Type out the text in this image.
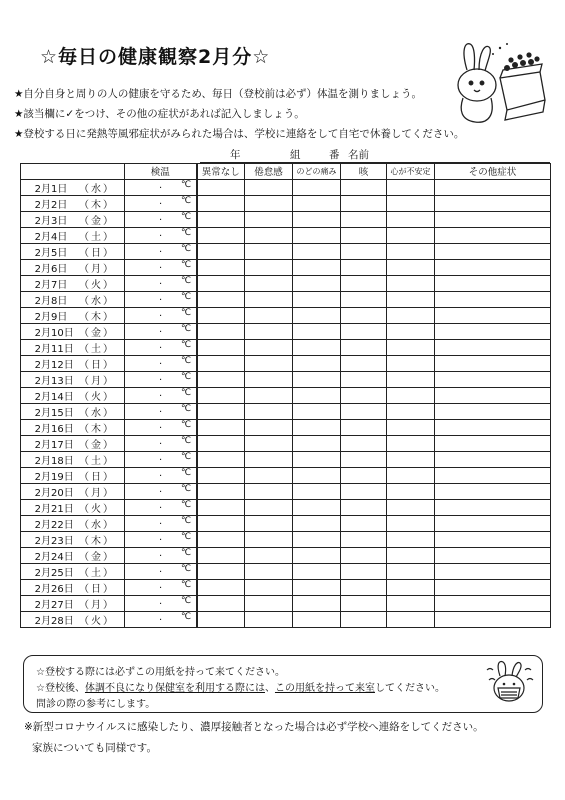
☆毎日の健康観察2月分☆
★自分自身と周りの人の健康を守るため、毎日（登校前は必ず）体温を測りましょう。
★該当欄に✓をつけ、その他の症状があれば記入しましょう。
★登校する日に発熱等風邪症状がみられた場合は、学校に連絡をして自宅で休養してください。
年	組	番 名前
	検温	異常なし	倦怠感	のどの痛み	咳	心が不安定	その他症状
2月1日 （ 水 ）	. ℃						

2月2日 （ 木 ）	. ℃						

2月3日 （ 金 ）	. ℃						

2月4日 （ 土 ）	. ℃						

2月5日 （ 日 ）	. ℃						

2月6日 （ 月 ）	. ℃						

2月7日 （ 火 ）	. ℃						

2月8日 （ 水 ）	. ℃						

2月9日 （ 木 ）	. ℃						

2月10日 （ 金 ）	. ℃						

2月11日 （ 土 ）	. ℃						

2月12日 （ 日 ）	. ℃						

2月13日 （ 月 ）	. ℃						

2月14日 （ 火 ）	. ℃						

2月15日 （ 水 ）	. ℃						

2月16日 （ 木 ）	. ℃						

2月17日 （ 金 ）	. ℃						

2月18日 （ 土 ）	. ℃						

2月19日 （ 日 ）	. ℃						

2月20日 （ 月 ）	. ℃						

2月21日 （ 火 ）	. ℃						

2月22日 （ 水 ）	. ℃						

2月23日 （ 木 ）	. ℃						

2月24日 （ 金 ）	. ℃						

2月25日 （ 土 ）	. ℃						

2月26日 （ 日 ）	. ℃						

2月27日 （ 月 ）	. ℃						

2月28日 （ 火 ）	. ℃						

☆登校する際には必ずこの用紙を持って来てください。
☆登校後、体調不良になり保健室を利用する際には、この用紙を持って来室してください。
問診の際の参考にします。
※新型コロナウイルスに感染したり、濃厚接触者となった場合は必ず学校へ連絡をしてください。
家族についても同様です。
